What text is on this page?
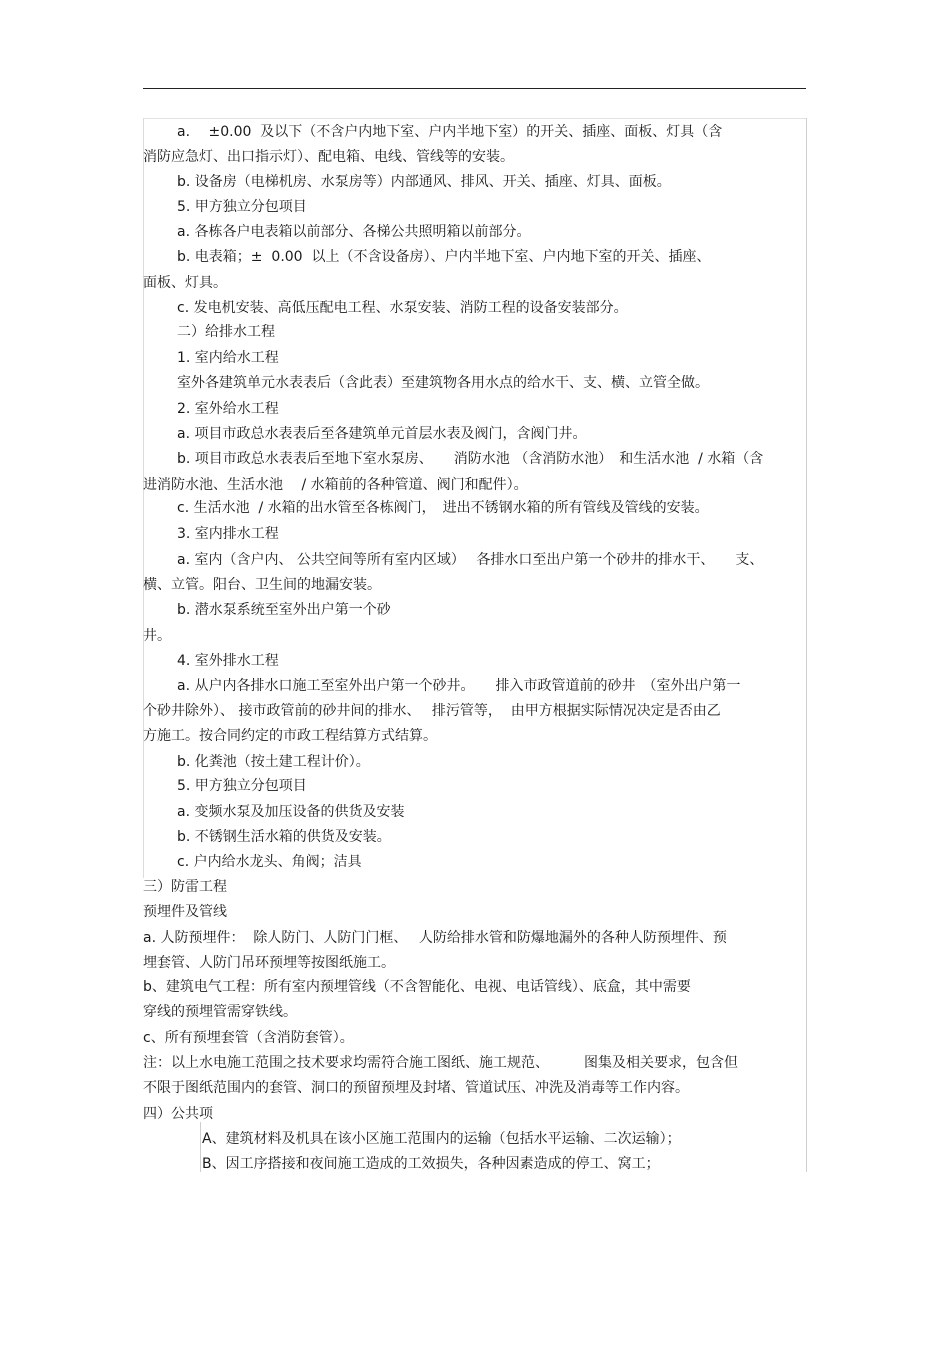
a.　 ±0.00  及以下（不含户内地下室、户内半地下室）的开关、插座、面板、灯具（含
消防应急灯、出口指示灯）、配电箱、电线、管线等的安装。
b. 设备房（电梯机房、水泵房等）内部通风、排风、开关、插座、灯具、面板。
5. 甲方独立分包项目
a. 各栋各户电表箱以前部分、各梯公共照明箱以前部分。
b. 电表箱；±  0.00  以上（不含设备房）、户内半地下室、户内地下室的开关、插座、
面板、灯具。
c. 发电机安装、高低压配电工程、水泵安装、消防工程的设备安装部分。
二）给排水工程
1. 室内给水工程
室外各建筑单元水表表后（含此表）至建筑物各用水点的给水干、支、横、立管全做。
2. 室外给水工程
a. 项目市政总水表表后至各建筑单元首层水表及阀门，含阀门井。
b. 项目市政总水表表后至地下室水泵房、　　消防水池 （含消防水池）　和生活水池  / 水箱（含
进消防水池、生活水池　 / 水箱前的各种管道、阀门和配件）。
c. 生活水池  / 水箱的出水管至各栋阀门，　进出不锈钢水箱的所有管线及管线的安装。
3. 室内排水工程
a. 室内（含户内、 公共空间等所有室内区域）　 各排水口至出户第一个砂井的排水干、　　支、
横、立管。阳台、卫生间的地漏安装。
b. 潜水泵系统至室外出户第一个砂
井。
4. 室外排水工程
a. 从户内各排水口施工至室外出户第一个砂井。　　排入市政管道前的砂井　（室外出户第一
个砂井除外）、 接市政管前的砂井间的排水、　 排污管等，  由甲方根据实际情况决定是否由乙
方施工。按合同约定的市政工程结算方式结算。
b. 化粪池（按土建工程计价）。
5. 甲方独立分包项目
a. 变频水泵及加压设备的供货及安装
b. 不锈钢生活水箱的供货及安装。
c. 户内给水龙头、角阀；洁具
三）防雷工程
预埋件及管线
a. 人防预埋件：  除人防门、人防门门框、　 人防给排水管和防爆地漏外的各种人防预埋件、预
埋套管、人防门吊环预埋等按图纸施工。
b、建筑电气工程：所有室内预埋管线（不含智能化、电视、电话管线）、底盒，其中需要
穿线的预埋管需穿铁线。
c、所有预埋套管（含消防套管）。
注：以上水电施工范围之技术要求均需符合施工图纸、施工规范、　　　图集及相关要求，包含但
不限于图纸范围内的套管、洞口的预留预埋及封堵、管道试压、冲洗及消毒等工作内容。
四）公共项
A、建筑材料及机具在该小区施工范围内的运输（包括水平运输、二次运输）；
B、因工序搭接和夜间施工造成的工效损失，各种因素造成的停工、窝工；
